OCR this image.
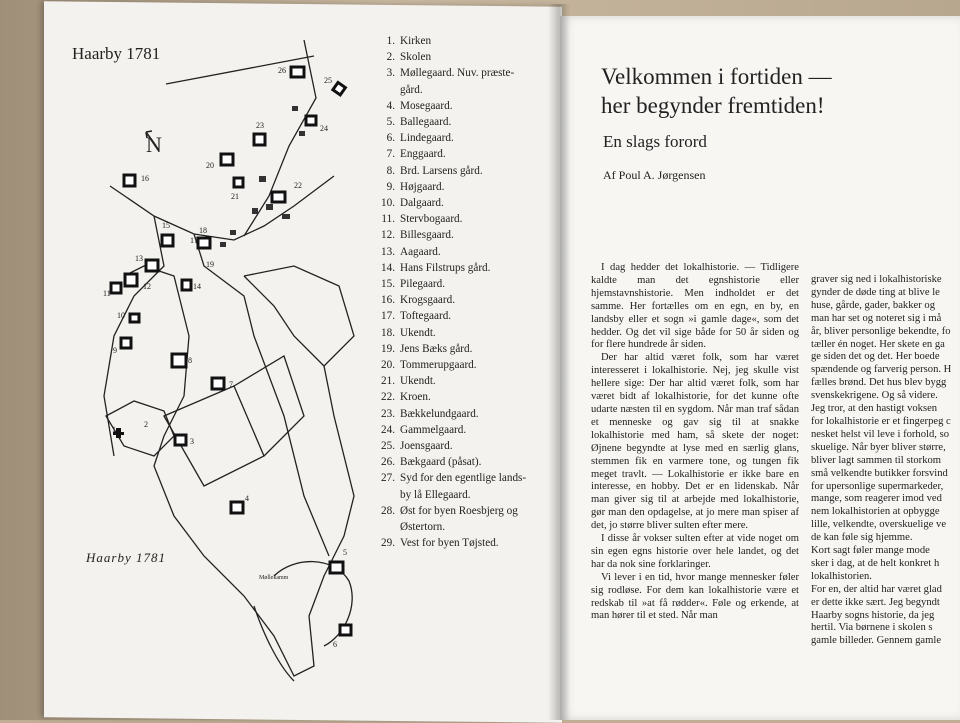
Haarby 1781
26
25
24
23
20
21
22
16
15
18
17
19
13
12
11
14
10
9
8
7
1
2
3
4
5
6
N
Møllekamm
Haarby 1781
1. Kirken
2. Skolen
3. Møllegaard. Nuv. præste-
gård.
4. Mosegaard.
5. Ballegaard.
6. Lindegaard.
7. Enggaard.
8. Brd. Larsens gård.
9. Højgaard.
10. Dalgaard.
11. Stervbogaard.
12. Billesgaard.
13. Aagaard.
14. Hans Filstrups gård.
15. Pilegaard.
16. Krogsgaard.
17. Toftegaard.
18. Ukendt.
19. Jens Bæks gård.
20. Tommerupgaard.
21. Ukendt.
22. Kroen.
23. Bækkelundgaard.
24. Gammelgaard.
25. Joensgaard.
26. Bækgaard (påsat).
27. Syd for den egentlige lands-
by lå Ellegaard.
28. Øst for byen Roesbjerg og
Østertorn.
29. Vest for byen Tøjsted.
Velkommen i fortiden —
her begynder fremtiden!
En slags forord
Af Poul A. Jørgensen

I dag hedder det lokalhistorie. — Tidligere kaldte man det egnshistorie eller hjemstavnshistorie. Men indholdet er det samme. Her fortælles om en egn, en by, en landsby eller et sogn »i gamle dage«, som det hedder. Og det vil sige både for 50 år siden og for flere hundrede år siden.

Der har altid været folk, som har været interesseret i lokalhistorie. Nej, jeg skulle vist hellere sige: Der har altid været folk, som har været bidt af lokalhistorie, for det kunne ofte udarte næsten til en sygdom. Når man traf sådan et menneske og gav sig til at snakke lokalhistorie med ham, så skete der noget: Øjnene begyndte at lyse med en særlig glans, stemmen fik en varmere tone, og tungen fik meget travlt. — Lokalhistorie er ikke bare en interesse, en hobby. Det er en lidenskab. Når man giver sig til at arbejde med lokalhistorie, gør man den opdagelse, at jo mere man spiser af det, jo større bliver sulten efter mere.

I disse år vokser sulten efter at vide noget om sin egen egns historie over hele landet, og det har da nok sine forklaringer.

Vi lever i en tid, hvor mange mennesker føler sig rodløse. For dem kan lokalhistorie være et redskab til »at få rødder«. Føle og erkende, at man hører til et sted. Når man

graver sig ned i lokalhistoriske

gynder de døde ting at blive le

huse, gårde, gader, bakker og

man har set og noteret sig i må

år, bliver personlige bekendte, fo

tæller én noget. Her skete en ga

ge siden det og det. Her boede

spændende og farverig person. H

fælles brønd. Det hus blev bygg

svenskekrigene. Og så videre.

Jeg tror, at den hastigt voksen

for lokalhistorie er et fingerpeg c

nesket helst vil leve i forhold, so

skuelige. Når byer bliver større,

bliver lagt sammen til storkom

små velkendte butikker forsvind

for upersonlige supermarkeder,

mange, som reagerer imod ved

nem lokalhistorien at opbygge

lille, velkendte, overskuelige ve

de kan føle sig hjemme.

Kort sagt føler mange mode

sker i dag, at de helt konkret h

lokalhistorien.

For en, der altid har været glad

er dette ikke sært. Jeg begyndt

Haarby sogns historie, da jeg

hertil. Via børnene i skolen s

gamle billeder. Gennem gamle
